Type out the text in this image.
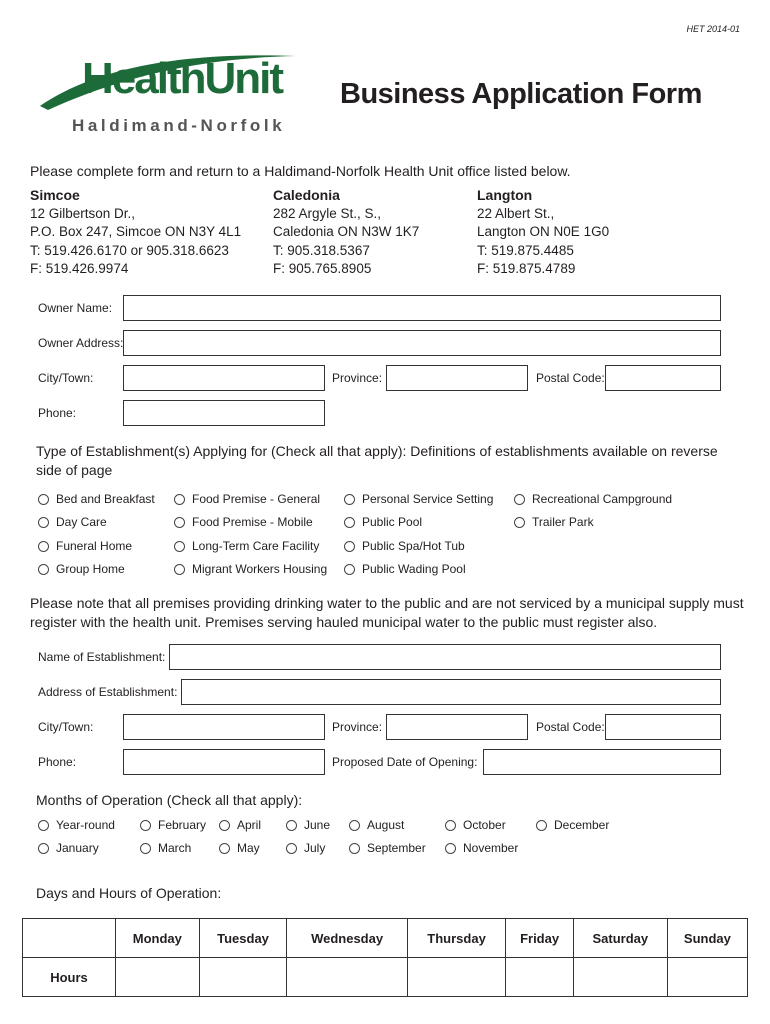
HET 2014-01
HealthUnit
Haldimand-Norfolk
Business Application Form
Please complete form and return to a Haldimand-Norfolk Health Unit office listed below.
Simcoe
12 Gilbertson Dr.,
P.O. Box 247, Simcoe ON N3Y 4L1
T: 519.426.6170 or 905.318.6623
F: 519.426.9974
Caledonia
282 Argyle St., S.,
Caledonia ON N3W 1K7
T: 905.318.5367
F: 905.765.8905
Langton
22 Albert St.,
Langton ON N0E 1G0
T: 519.875.4485
F: 519.875.4789
Owner Name:
Owner Address:
City/Town:	Province:	Postal Code:
Phone:
Type of Establishment(s) Applying for (Check all that apply): Definitions of establishments available on reverse side of page
Bed and Breakfast
Day Care
Funeral Home
Group Home
Food Premise - General
Food Premise - Mobile
Long-Term Care Facility
Migrant Workers Housing
Personal Service Setting
Public Pool
Public Spa/Hot Tub
Public Wading Pool
Recreational Campground
Trailer Park
Please note that all premises providing drinking water to the public and are not serviced by a municipal supply must register with the health unit. Premises serving hauled municipal water to the public must register also.
Name of Establishment:
Address of Establishment:
City/Town:	Province:	Postal Code:
Phone:	Proposed Date of Opening:
Months of Operation (Check all that apply):
Year-round	February	April	June	August	October	December
January	March	May	July	September	November
Days and Hours of Operation:
	Monday	Tuesday	Wednesday	Thursday	Friday	Saturday	Sunday
Hours							
